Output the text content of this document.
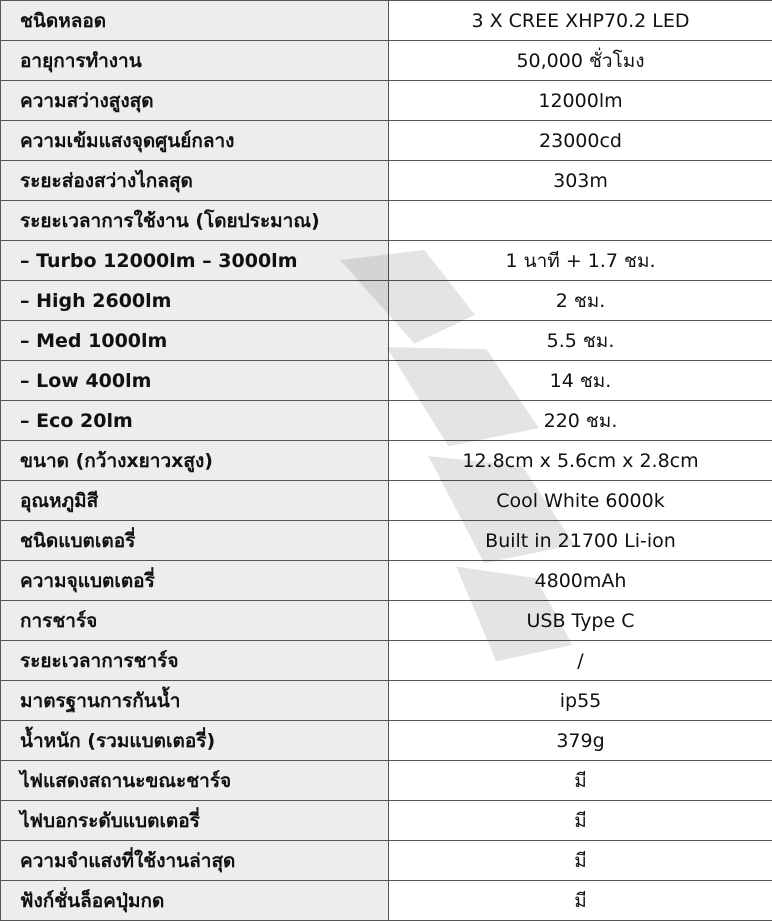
ชนิดหลอด	3 X CREE XHP70.2 LED
อายุการทำงาน	50,000 ชั่วโมง
ความสว่างสูงสุด	12000lm
ความเข้มแสงจุดศูนย์กลาง	23000cd
ระยะส่องสว่างไกลสุด	303m
ระยะเวลาการใช้งาน (โดยประมาณ)	
– Turbo 12000lm – 3000lm	1 นาที + 1.7 ชม.
– High 2600lm	2 ชม.
– Med 1000lm	5.5 ชม.
– Low 400lm	14 ชม.
– Eco 20lm	220 ชม.
ขนาด (กว้างxยาวxสูง)	12.8cm x 5.6cm x 2.8cm
อุณหภูมิสี	Cool White 6000k
ชนิดแบตเตอรี่	Built in 21700 Li-ion
ความจุแบตเตอรี่	4800mAh
การชาร์จ	USB Type C
ระยะเวลาการชาร์จ	/
มาตรฐานการกันน้ำ	ip55
น้ำหนัก (รวมแบตเตอรี่)	379g
ไฟแสดงสถานะขณะชาร์จ	มี
ไฟบอกระดับแบตเตอรี่	มี
ความจำแสงที่ใช้งานล่าสุด	มี
ฟังก์ชั่นล็อคปุ่มกด	มี
